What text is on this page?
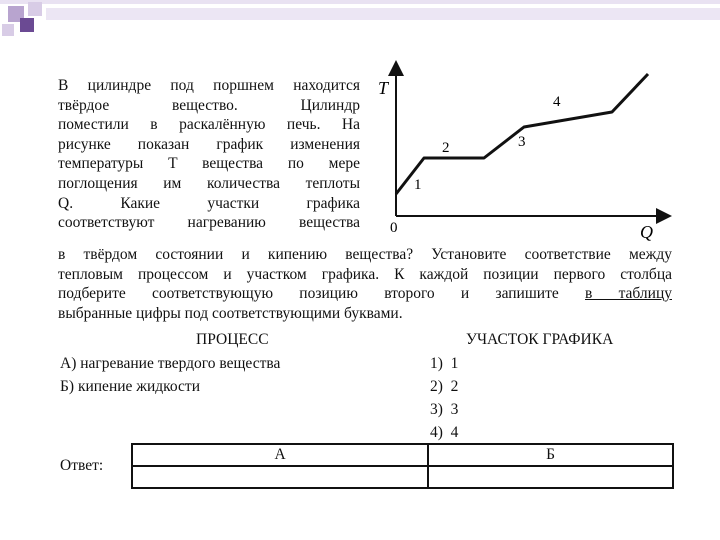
В цилиндре под поршнем находится
твёрдое вещество. Цилиндр
поместили в раскалённую печь. На
рисунке показан график изменения
температуры T вещества по мере
поглощения им количества теплоты
Q. Какие участки графика
соответствуют нагреванию вещества
T
Q
0
1
2	3
4
в твёрдом состоянии и кипению вещества? Установите соответствие между
тепловым процессом и участком графика. К каждой позиции первого столбца
подберите соответствующую позицию второго и запишите в таблицу
выбранные цифры под соответствующими буквами.
ПРОЦЕСС	УЧАСТОК ГРАФИКА
А) нагревание твердого вещества
Б) кипение жидкости
1) 1
2) 2
3) 3
4) 4
Ответ:
А	Б
